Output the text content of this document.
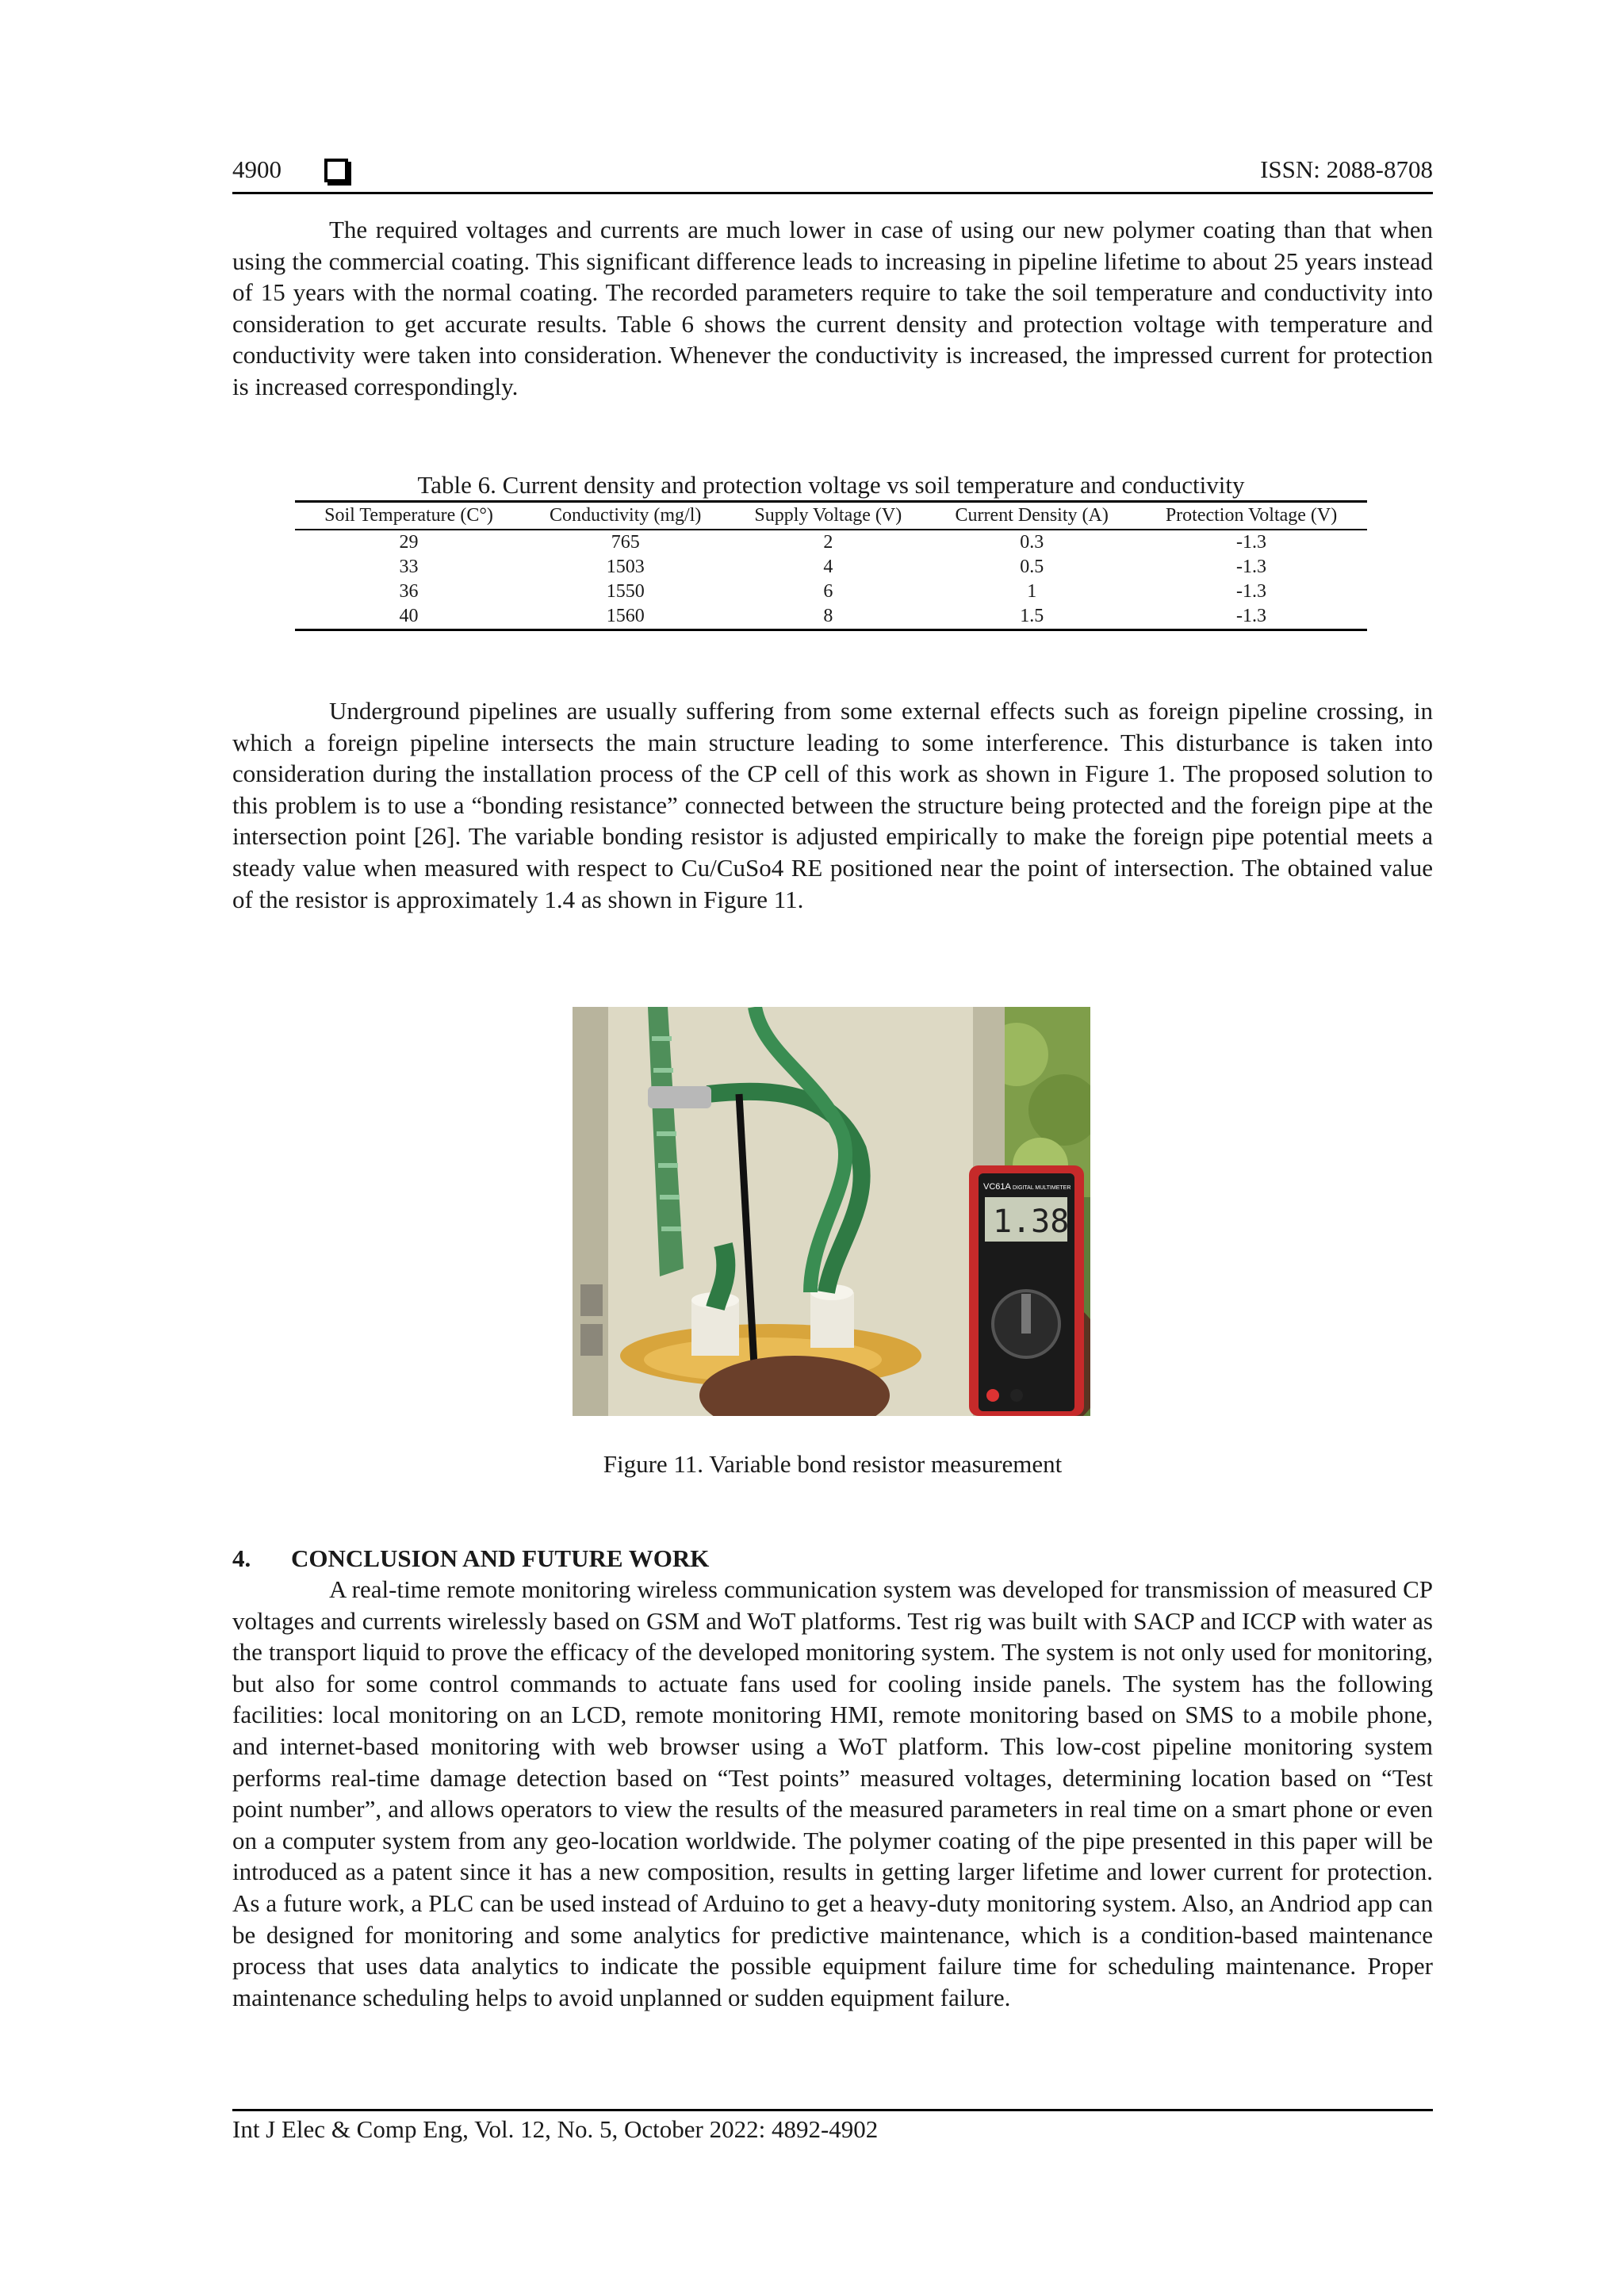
4900	ISSN: 2088-8708

The required voltages and currents are much lower in case of using our new polymer coating than that when using the commercial coating. This significant difference leads to increasing in pipeline lifetime to about 25 years instead of 15 years with the normal coating. The recorded parameters require to take the soil temperature and conductivity into consideration to get accurate results. Table 6 shows the current density and protection voltage with temperature and conductivity were taken into consideration. Whenever the conductivity is increased, the impressed current for protection is increased correspondingly.

Table 6. Current density and protection voltage vs soil temperature and conductivity
Soil Temperature (C°)	Conductivity (mg/l)	Supply Voltage (V)	Current Density (A)	Protection Voltage (V)
29	765	2	0.3	-1.3
33	1503	4	0.5	-1.3
36	1550	6	1	-1.3
40	1560	8	1.5	-1.3

Underground pipelines are usually suffering from some external effects such as foreign pipeline crossing, in which a foreign pipeline intersects the main structure leading to some interference. This disturbance is taken into consideration during the installation process of the CP cell of this work as shown in Figure 1. The proposed solution to this problem is to use a “bonding resistance” connected between the structure being protected and the foreign pipe at the intersection point [26]. The variable bonding resistor is adjusted empirically to make the foreign pipe potential meets a steady value when measured with respect to Cu/CuSo4 RE positioned near the point of intersection. The obtained value of the resistor is approximately 1.4 as shown in Figure 11.

VC61A DIGITAL MULTIMETER
1.38
Figure 11. Variable bond resistor measurement
4. CONCLUSION AND FUTURE WORK

A real-time remote monitoring wireless communication system was developed for transmission of measured CP voltages and currents wirelessly based on GSM and WoT platforms. Test rig was built with SACP and ICCP with water as the transport liquid to prove the efficacy of the developed monitoring system. The system is not only used for monitoring, but also for some control commands to actuate fans used for cooling inside panels. The system has the following facilities: local monitoring on an LCD, remote monitoring HMI, remote monitoring based on SMS to a mobile phone, and internet-based monitoring with web browser using a WoT platform. This low-cost pipeline monitoring system performs real-time damage detection based on “Test points” measured voltages, determining location based on “Test point number”, and allows operators to view the results of the measured parameters in real time on a smart phone or even on a computer system from any geo-location worldwide. The polymer coating of the pipe presented in this paper will be introduced as a patent since it has a new composition, results in getting larger lifetime and lower current for protection. As a future work, a PLC can be used instead of Arduino to get a heavy-duty monitoring system. Also, an Andriod app can be designed for monitoring and some analytics for predictive maintenance, which is a condition-based maintenance process that uses data analytics to indicate the possible equipment failure time for scheduling maintenance. Proper maintenance scheduling helps to avoid unplanned or sudden equipment failure.

Int J Elec & Comp Eng, Vol. 12, No. 5, October 2022: 4892-4902
